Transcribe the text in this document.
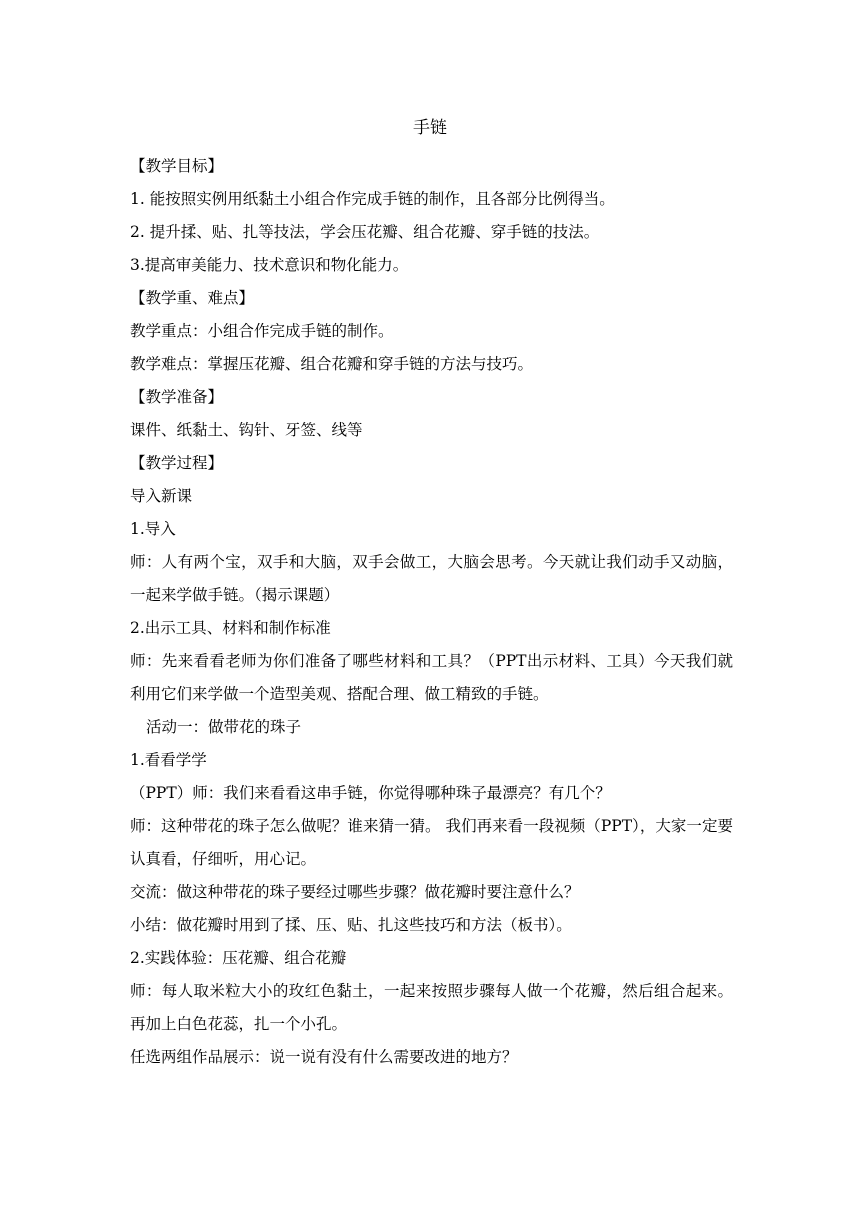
手链
【教学目标】
1. 能按照实例用纸黏土小组合作完成手链的制作，且各部分比例得当。
2. 提升揉、贴、扎等技法，学会压花瓣、组合花瓣、穿手链的技法。
3.提高审美能力、技术意识和物化能力。
【教学重、难点】
教学重点：小组合作完成手链的制作。
教学难点：掌握压花瓣、组合花瓣和穿手链的方法与技巧。
【教学准备】
课件、纸黏土、钩针、牙签、线等
【教学过程】
导入新课
1.导入
师：人有两个宝，双手和大脑，双手会做工，大脑会思考。今天就让我们动手又动脑，一起来学做手链。（揭示课题）
2.出示工具、材料和制作标准
师：先来看看老师为你们准备了哪些材料和工具？（PPT出示材料、工具）今天我们就利用它们来学做一个造型美观、搭配合理、做工精致的手链。
活动一：做带花的珠子
1.看看学学
（PPT）师：我们来看看这串手链，你觉得哪种珠子最漂亮？有几个？
师：这种带花的珠子怎么做呢？谁来猜一猜。 我们再来看一段视频（PPT），大家一定要认真看，仔细听，用心记。
交流：做这种带花的珠子要经过哪些步骤？做花瓣时要注意什么？
小结：做花瓣时用到了揉、压、贴、扎这些技巧和方法（板书）。
2.实践体验：压花瓣、组合花瓣
师：每人取米粒大小的玫红色黏土，一起来按照步骤每人做一个花瓣，然后组合起来。再加上白色花蕊，扎一个小孔。
任选两组作品展示：说一说有没有什么需要改进的地方？
